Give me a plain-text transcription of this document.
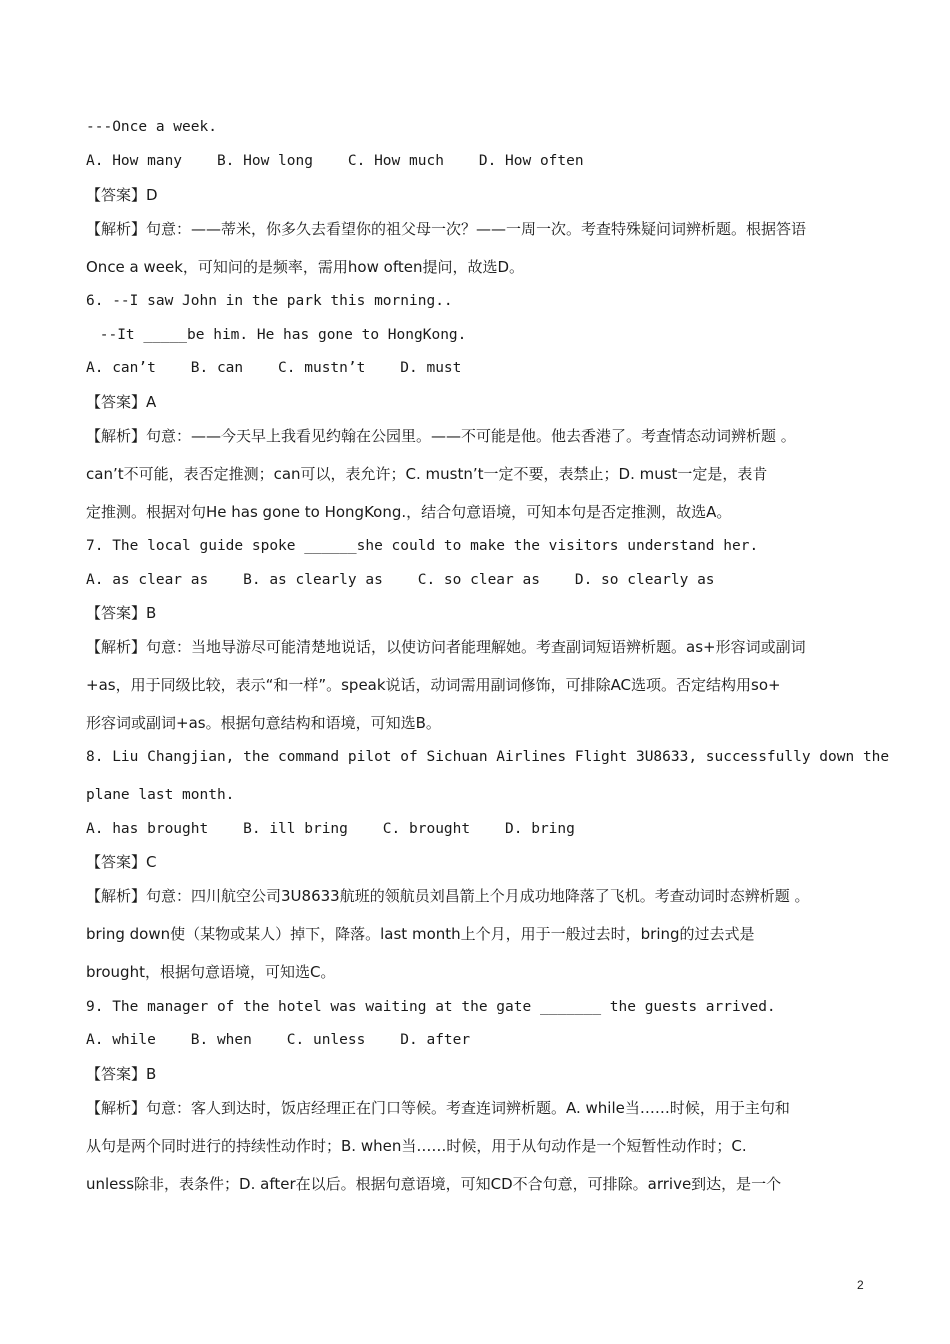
---Once a week.
A. How many    B. How long    C. How much    D. How often
【答案】D
【解析】句意：——蒂米，你多久去看望你的祖父母一次？——一周一次。考查特殊疑问词辨析题。根据答语
Once a week，可知问的是频率，需用how often提问，故选D。
6. --I saw John in the park this morning..
--It _____be him. He has gone to HongKong.
A. can’t    B. can    C. mustn’t    D. must
【答案】A
【解析】句意：——今天早上我看见约翰在公园里。——不可能是他。他去香港了。考查情态动词辨析题 。
can’t不可能，表否定推测；can可以，表允许；C. mustn’t一定不要，表禁止；D. must一定是，表肯
定推测。根据对句He has gone to HongKong.，结合句意语境，可知本句是否定推测，故选A。
7. The local guide spoke ______she could to make the visitors understand her.
A. as clear as    B. as clearly as    C. so clear as    D. so clearly as
【答案】B
【解析】句意：当地导游尽可能清楚地说话，以使访问者能理解她。考查副词短语辨析题。as+形容词或副词
+as，用于同级比较，表示“和一样”。speak说话，动词需用副词修饰，可排除AC选项。否定结构用so+
形容词或副词+as。根据句意结构和语境，可知选B。
8. Liu Changjian, the command pilot of Sichuan Airlines Flight 3U8633, successfully down the
plane last month.
A. has brought    B. ill bring    C. brought    D. bring
【答案】C
【解析】句意：四川航空公司3U8633航班的领航员刘昌箭上个月成功地降落了飞机。考查动词时态辨析题 。
bring down使（某物或某人）掉下，降落。last month上个月，用于一般过去时，bring的过去式是
brought，根据句意语境，可知选C。
9. The manager of the hotel was waiting at the gate _______ the guests arrived.
A. while    B. when    C. unless    D. after
【答案】B
【解析】句意：客人到达时，饭店经理正在门口等候。考查连词辨析题。A. while当……时候，用于主句和
从句是两个同时进行的持续性动作时；B. when当……时候，用于从句动作是一个短暂性动作时；C.
unless除非，表条件；D. after在以后。根据句意语境，可知CD不合句意，可排除。arrive到达，是一个
2
